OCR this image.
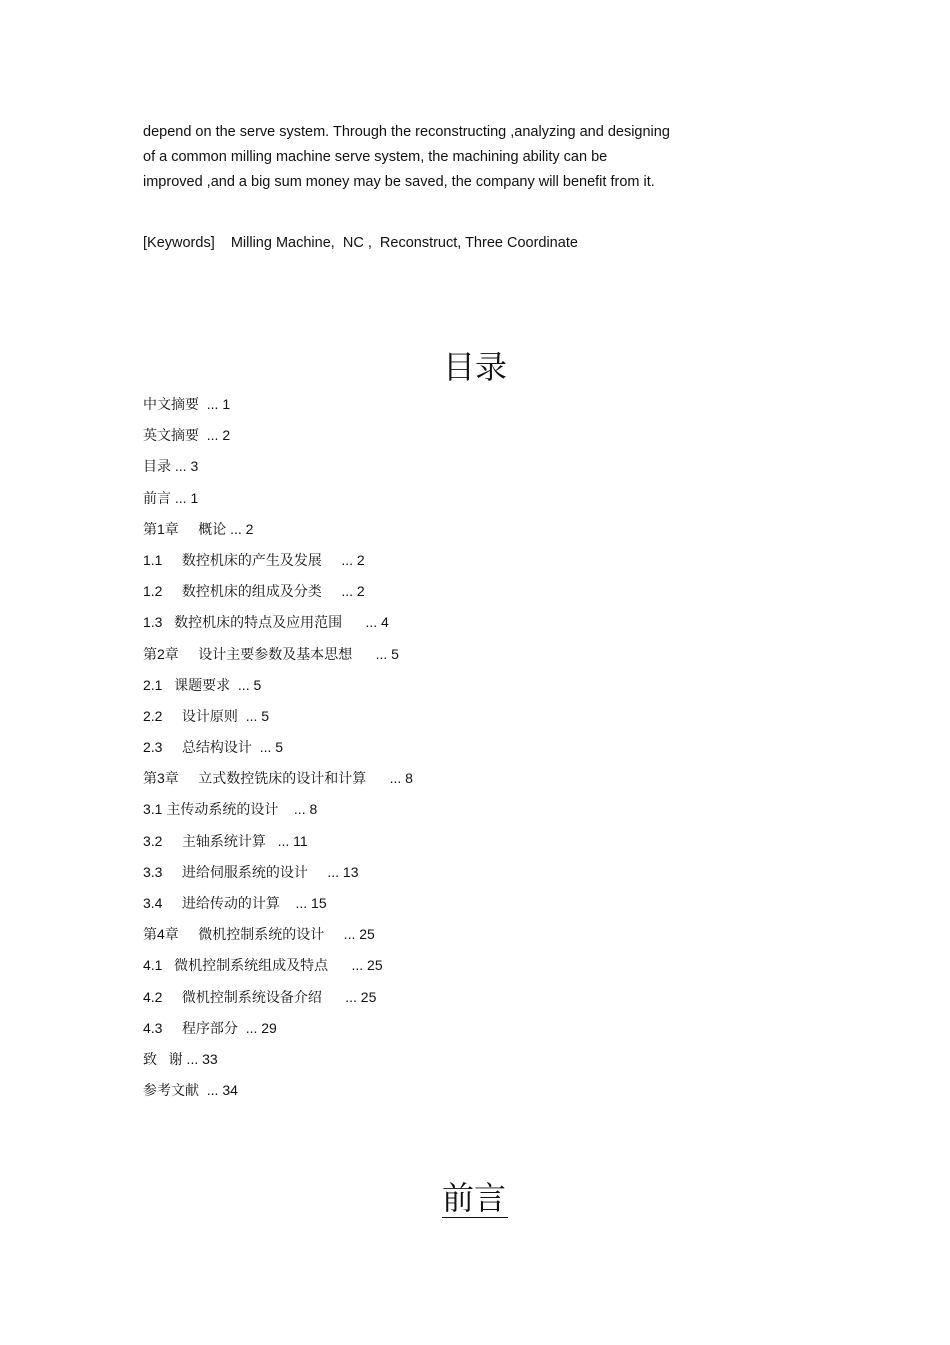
depend on the serve system. Through the reconstructing ,analyzing and designing
of a common milling machine serve system, the machining ability can be
improved ,and a big sum money may be saved, the company will benefit from it.
[Keywords]    Milling Machine,  NC ,  Reconstruct, Three Coordinate
目录
中文摘要  ... 1
英文摘要  ... 2
目录 ... 3
前言 ... 1
第1章     概论 ... 2
1.1     数控机床的产生及发展     ... 2
1.2     数控机床的组成及分类     ... 2
1.3   数控机床的特点及应用范围      ... 4
第2章     设计主要参数及基本思想      ... 5
2.1   课题要求  ... 5
2.2     设计原则  ... 5
2.3     总结构设计  ... 5
第3章     立式数控铣床的设计和计算      ... 8
3.1 主传动系统的设计    ... 8
3.2     主轴系统计算   ... 11
3.3     进给伺服系统的设计     ... 13
3.4     进给传动的计算    ... 15
第4章     微机控制系统的设计     ... 25
4.1   微机控制系统组成及特点      ... 25
4.2     微机控制系统设备介绍      ... 25
4.3     程序部分  ... 29
致   谢 ... 33
参考文献  ... 34
前言
